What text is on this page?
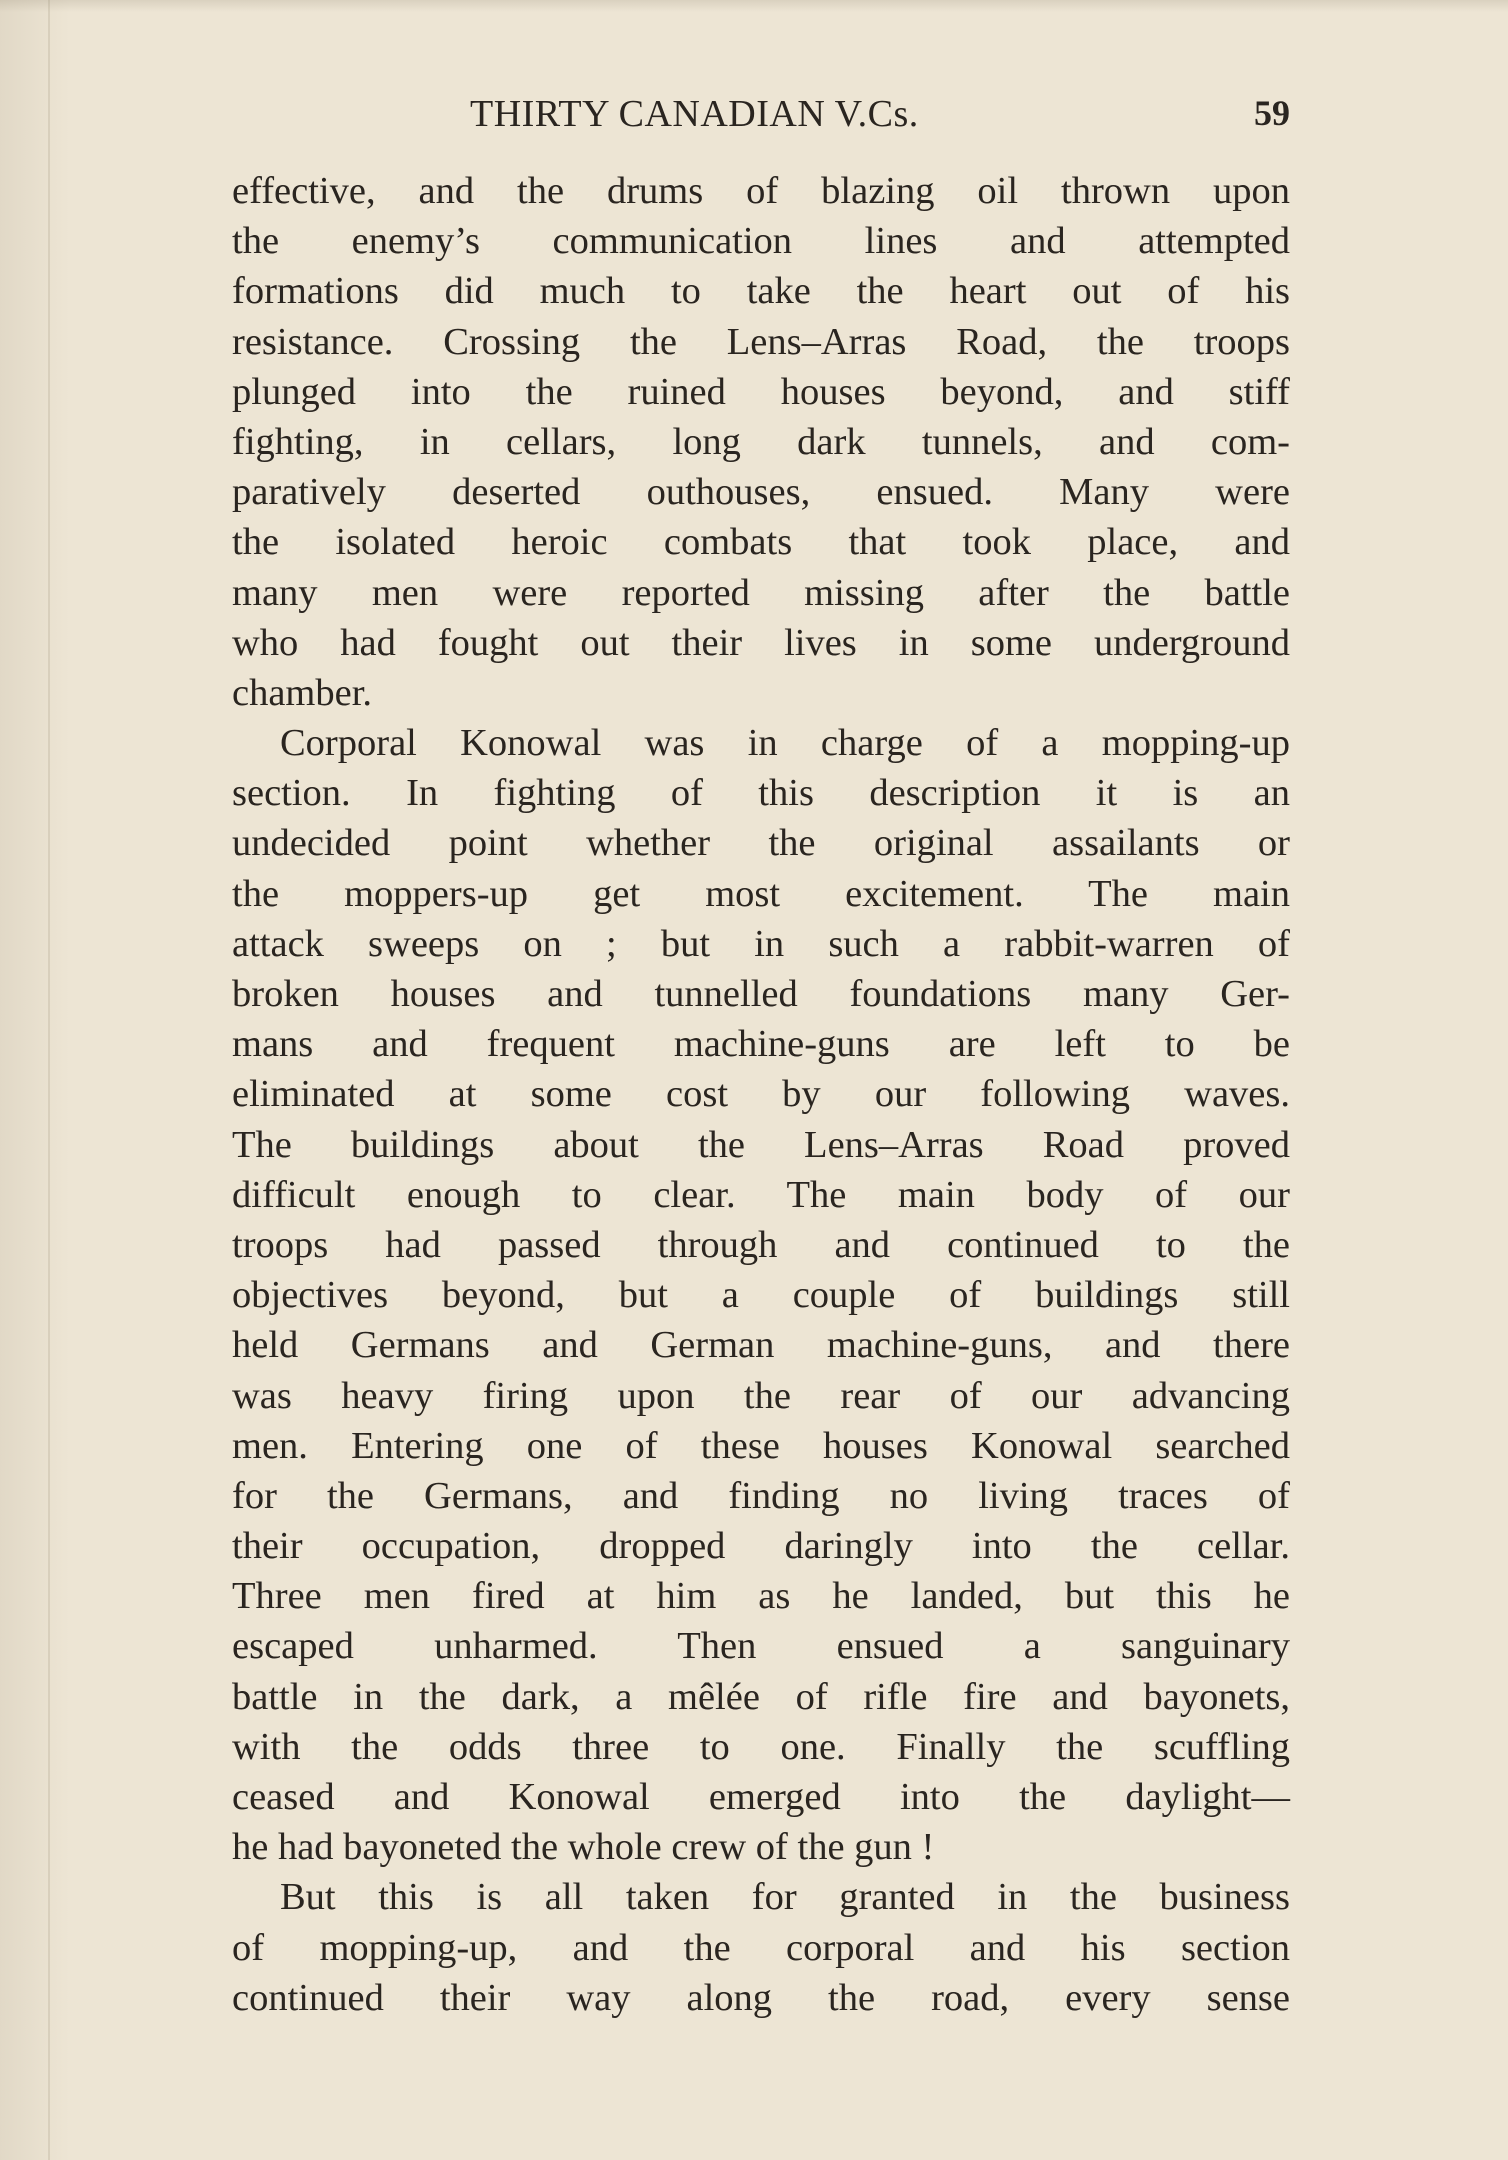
THIRTY CANADIAN V.Cs.	59
effective, and the drums of blazing oil thrown upon
the enemy’s communication lines and attempted
formations did much to take the heart out of his
resistance. Crossing the Lens–Arras Road, the troops
plunged into the ruined houses beyond, and stiff
fighting, in cellars, long dark tunnels, and com-
paratively deserted outhouses, ensued. Many were
the isolated heroic combats that took place, and
many men were reported missing after the battle
who had fought out their lives in some underground
chamber.
Corporal Konowal was in charge of a mopping-up
section. In fighting of this description it is an
undecided point whether the original assailants or
the moppers-up get most excitement. The main
attack sweeps on ; but in such a rabbit-warren of
broken houses and tunnelled foundations many Ger-
mans and frequent machine-guns are left to be
eliminated at some cost by our following waves.
The buildings about the Lens–Arras Road proved
difficult enough to clear. The main body of our
troops had passed through and continued to the
objectives beyond, but a couple of buildings still
held Germans and German machine-guns, and there
was heavy firing upon the rear of our advancing
men. Entering one of these houses Konowal searched
for the Germans, and finding no living traces of
their occupation, dropped daringly into the cellar.
Three men fired at him as he landed, but this he
escaped unharmed. Then ensued a sanguinary
battle in the dark, a mêlée of rifle fire and bayonets,
with the odds three to one. Finally the scuffling
ceased and Konowal emerged into the daylight—
he had bayoneted the whole crew of the gun !
But this is all taken for granted in the business
of mopping-up, and the corporal and his section
continued their way along the road, every sense
